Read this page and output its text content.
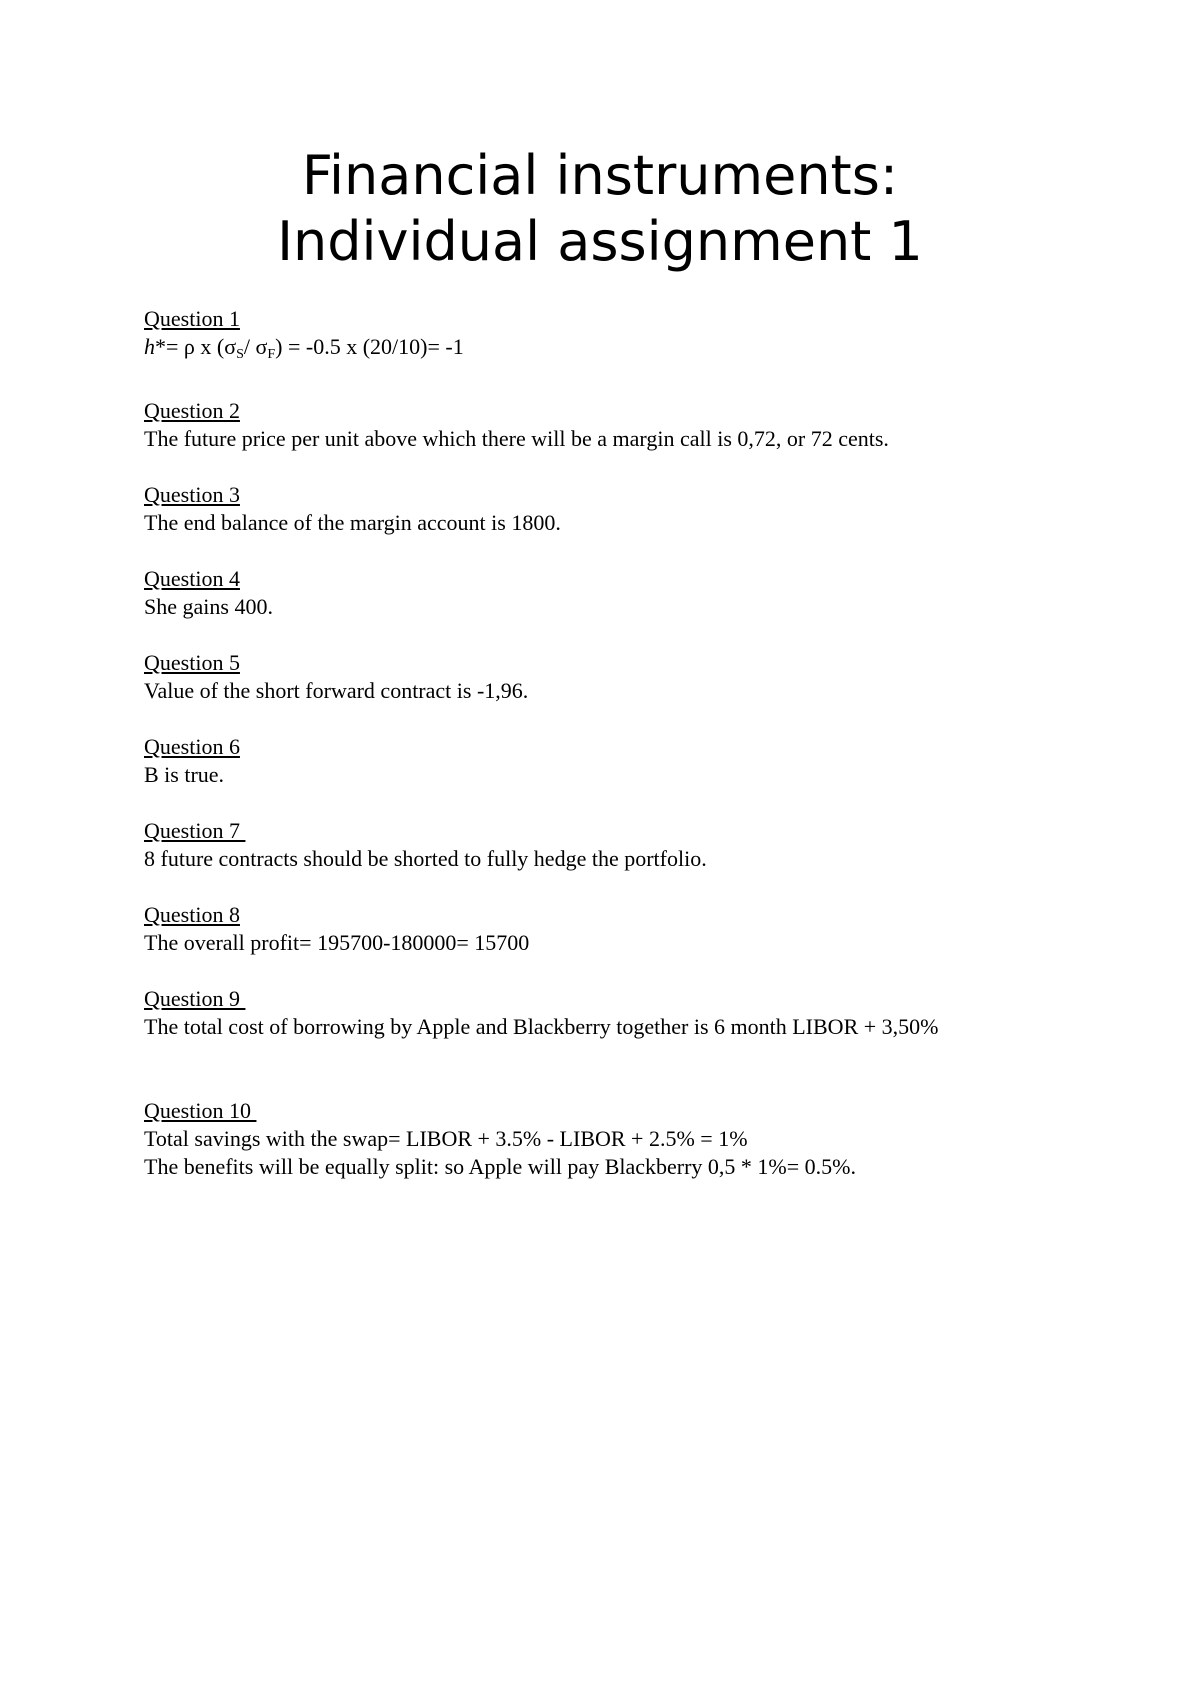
Financial instruments:
Individual assignment 1
Question 1
h*= ρ x (σS/ σF) = -0.5 x (20/10)= -1
Question 2
The future price per unit above which there will be a margin call is 0,72, or 72 cents.
Question 3
The end balance of the margin account is 1800.
Question 4
She gains 400.
Question 5
Value of the short forward contract is -1,96.
Question 6
B is true.
Question 7
8 future contracts should be shorted to fully hedge the portfolio.
Question 8
The overall profit= 195700-180000= 15700
Question 9
The total cost of borrowing by Apple and Blackberry together is 6 month LIBOR + 3,50%
Question 10
Total savings with the swap= LIBOR + 3.5% - LIBOR + 2.5% = 1%
The benefits will be equally split: so Apple will pay Blackberry 0,5 * 1%= 0.5%.
